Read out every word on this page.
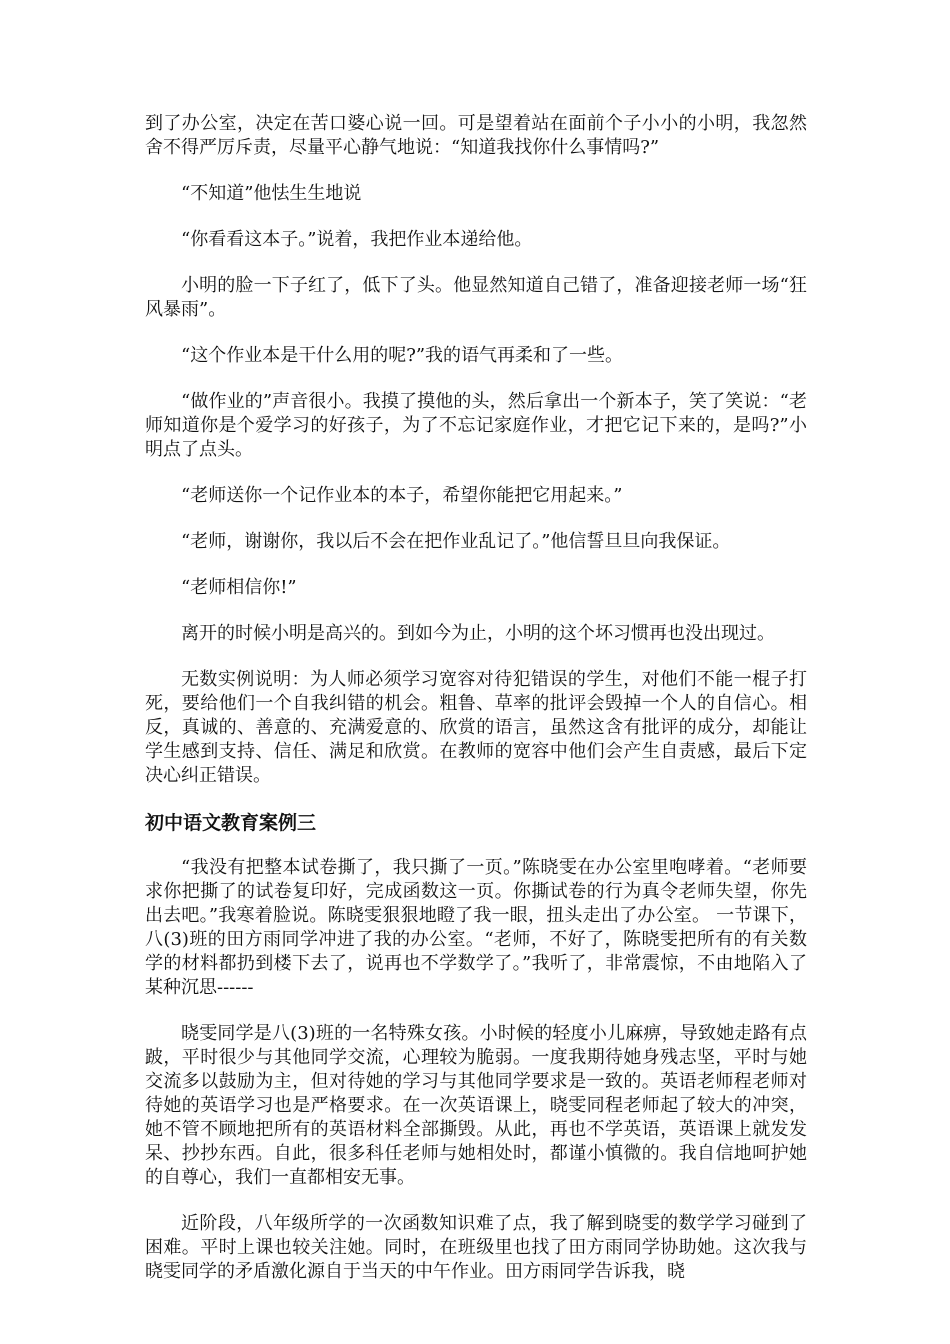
到了办公室，决定在苦口婆心说一回。可是望着站在面前个子小小的小明，我忽然舍不得严厉斥责，尽量平心静气地说：“知道我找你什么事情吗?”

“不知道”他怯生生地说

“你看看这本子。”说着，我把作业本递给他。

小明的脸一下子红了，低下了头。他显然知道自己错了，准备迎接老师一场“狂风暴雨”。

“这个作业本是干什么用的呢?”我的语气再柔和了一些。

“做作业的”声音很小。我摸了摸他的头，然后拿出一个新本子，笑了笑说：“老师知道你是个爱学习的好孩子，为了不忘记家庭作业，才把它记下来的，是吗?”小明点了点头。

“老师送你一个记作业本的本子，希望你能把它用起来。”

“老师，谢谢你，我以后不会在把作业乱记了。”他信誓旦旦向我保证。

“老师相信你!”

离开的时候小明是高兴的。到如今为止，小明的这个坏习惯再也没出现过。

无数实例说明：为人师必须学习宽容对待犯错误的学生，对他们不能一棍子打死，要给他们一个自我纠错的机会。粗鲁、草率的批评会毁掉一个人的自信心。相反，真诚的、善意的、充满爱意的、欣赏的语言，虽然这含有批评的成分，却能让学生感到支持、信任、满足和欣赏。在教师的宽容中他们会产生自责感，最后下定决心纠正错误。

初中语文教育案例三

“我没有把整本试卷撕了，我只撕了一页。”陈晓雯在办公室里咆哮着。“老师要求你把撕了的试卷复印好，完成函数这一页。你撕试卷的行为真令老师失望，你先出去吧。”我寒着脸说。陈晓雯狠狠地瞪了我一眼，扭头走出了办公室。 一节课下，八(3)班的田方雨同学冲进了我的办公室。“老师，不好了，陈晓雯把所有的有关数学的材料都扔到楼下去了，说再也不学数学了。”我听了，非常震惊，不由地陷入了某种沉思------

晓雯同学是八(3)班的一名特殊女孩。小时候的轻度小儿麻痹，导致她走路有点跛，平时很少与其他同学交流，心理较为脆弱。一度我期待她身残志坚，平时与她交流多以鼓励为主，但对待她的学习与其他同学要求是一致的。英语老师程老师对待她的英语学习也是严格要求。在一次英语课上，晓雯同程老师起了较大的冲突，她不管不顾地把所有的英语材料全部撕毁。从此，再也不学英语，英语课上就发发呆、抄抄东西。自此，很多科任老师与她相处时，都谨小慎微的。我自信地呵护她的自尊心，我们一直都相安无事。

近阶段，八年级所学的一次函数知识难了点，我了解到晓雯的数学学习碰到了困难。平时上课也较关注她。同时，在班级里也找了田方雨同学协助她。这次我与晓雯同学的矛盾激化源自于当天的中午作业。田方雨同学告诉我，晓
